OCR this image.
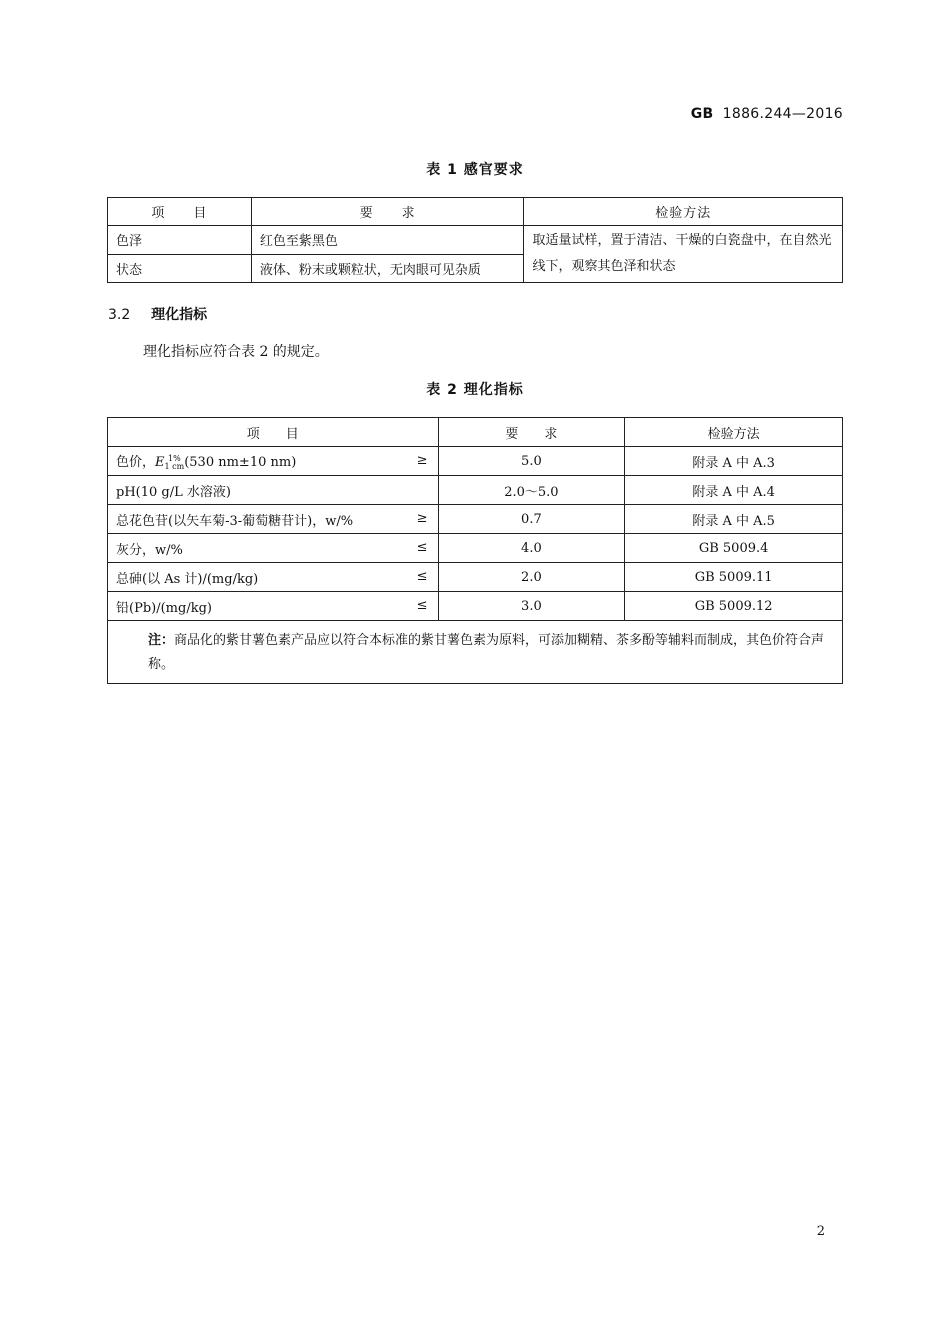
GB 1886.244—2016
表 1 感官要求
项　　目	要　　求	检验方法
色泽	红色至紫黑色	取适量试样，置于清洁、干燥的白瓷盘中，在自然光线下，观察其色泽和状态
状态	液体、粉末或颗粒状，无肉眼可见杂质	
3.2 理化指标
理化指标应符合表 2 的规定。
表 2 理化指标
项　　目	要　　求	检验方法
色价，E 1%
1 cm(530 nm±10 nm) ≥	5.0	附录 A 中 A.3
pH(10 g/L 水溶液)	2.0～5.0	附录 A 中 A.4
总花色苷(以矢车菊-3-葡萄糖苷计)，w/% ≥	0.7	附录 A 中 A.5
灰分，w/% ≤	4.0	GB 5009.4
总砷(以 As 计)/(mg/kg) ≤	2.0	GB 5009.11
铅(Pb)/(mg/kg) ≤	3.0	GB 5009.12
注：商品化的紫甘薯色素产品应以符合本标准的紫甘薯色素为原料，可添加糊精、茶多酚等辅料而制成，其色价符合声称。		
2
